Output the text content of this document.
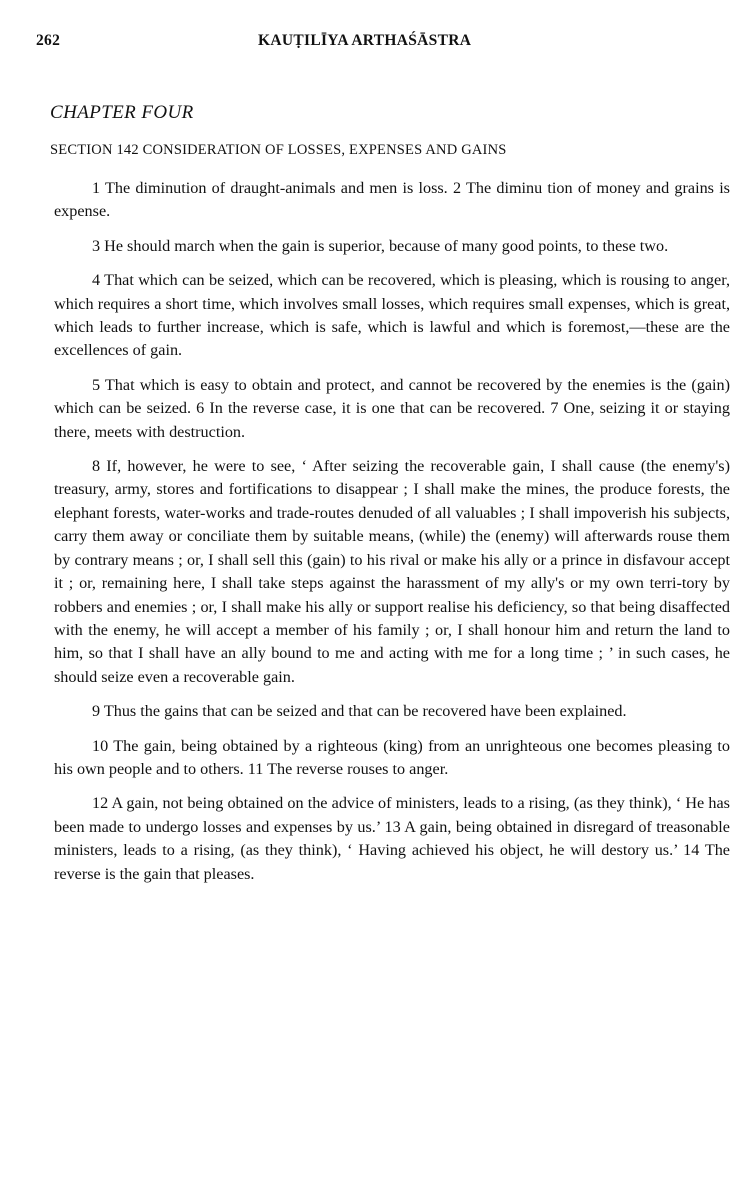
262	KAUṬILĪYA ARTHAŚĀSTRA
CHAPTER FOUR
SECTION 142 CONSIDERATION OF LOSSES, EXPENSES AND GAINS

1 The diminution of draught-animals and men is loss. 2 The diminu tion of money and grains is expense.

3 He should march when the gain is superior, because of many good points, to these two.

4 That which can be seized, which can be recovered, which is pleasing, which is rousing to anger, which requires a short time, which involves small losses, which requires small expenses, which is great, which leads to further increase, which is safe, which is lawful and which is foremost,—these are the excellences of gain.

5 That which is easy to obtain and protect, and cannot be recovered by the enemies is the (gain) which can be seized. 6 In the reverse case, it is one that can be recovered. 7 One, seizing it or staying there, meets with destruction.

8 If, however, he were to see, ‘ After seizing the recoverable gain, I shall cause (the enemy's) treasury, army, stores and fortifications to disappear ; I shall make the mines, the produce forests, the elephant forests, water-works and trade-routes denuded of all valuables ; I shall impoverish his subjects, carry them away or conciliate them by suitable means, (while) the (enemy) will afterwards rouse them by contrary means ; or, I shall sell this (gain) to his rival or make his ally or a prince in disfavour accept it ; or, remaining here, I shall take steps against the harassment of my ally's or my own terri-tory by robbers and enemies ; or, I shall make his ally or support realise his deficiency, so that being disaffected with the enemy, he will accept a member of his family ; or, I shall honour him and return the land to him, so that I shall have an ally bound to me and acting with me for a long time ; ’ in such cases, he should seize even a recoverable gain.

9 Thus the gains that can be seized and that can be recovered have been explained.

10 The gain, being obtained by a righteous (king) from an unrighteous one becomes pleasing to his own people and to others. 11 The reverse rouses to anger.

12 A gain, not being obtained on the advice of ministers, leads to a rising, (as they think), ‘ He has been made to undergo losses and expenses by us.’ 13 A gain, being obtained in disregard of treasonable ministers, leads to a rising, (as they think), ‘ Having achieved his object, he will destory us.’ 14 The reverse is the gain that pleases.
